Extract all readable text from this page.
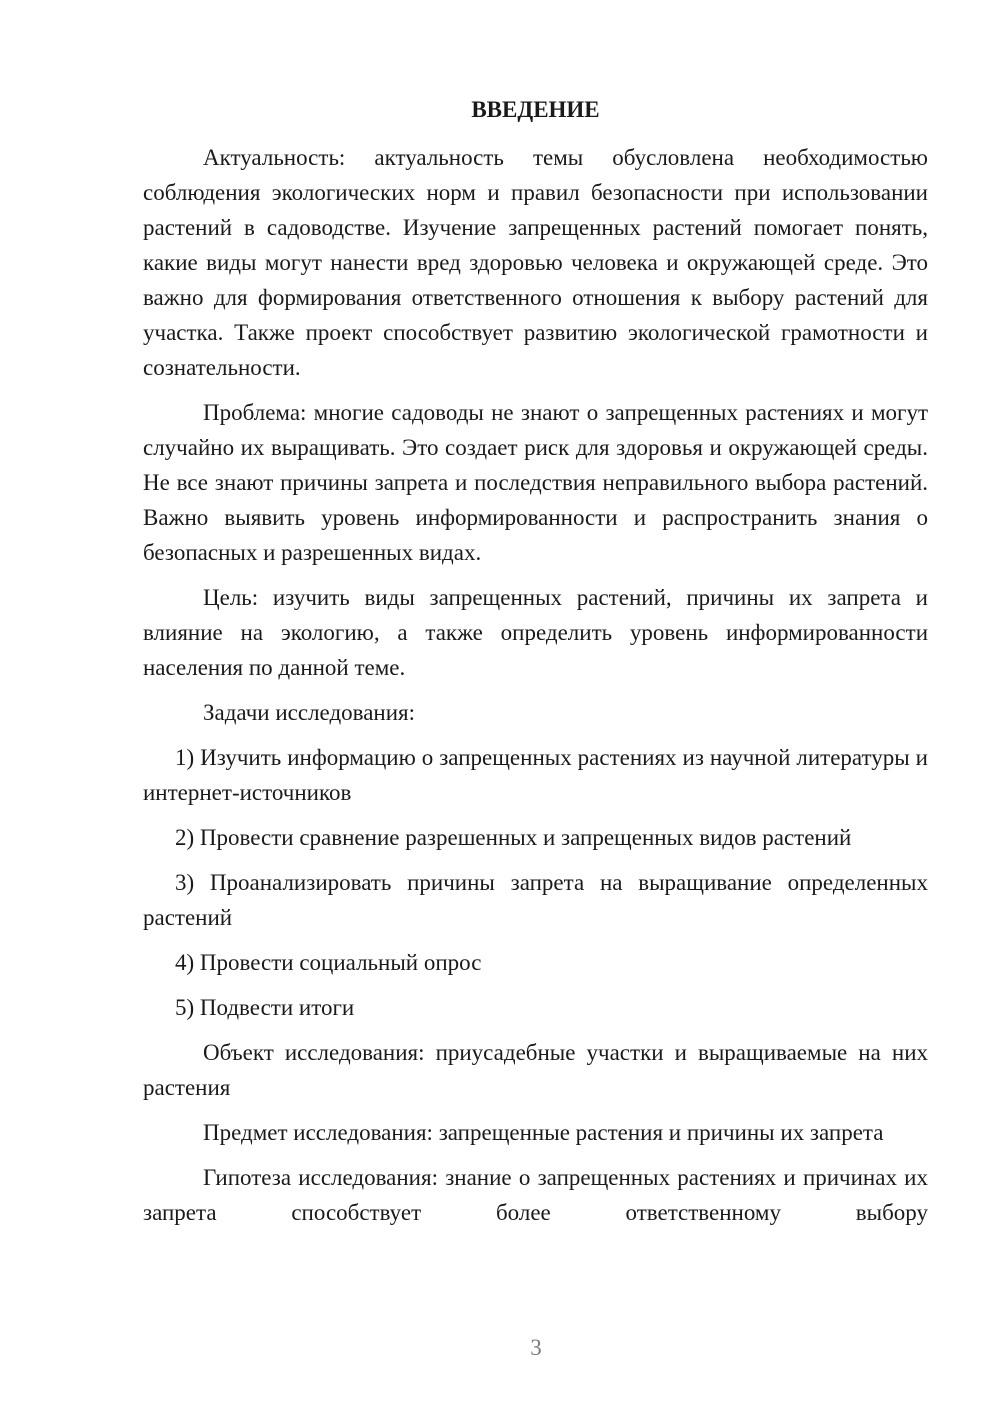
ВВЕДЕНИЕ

Актуальность: актуальность темы обусловлена необходимостью соблюдения экологических норм и правил безопасности при использовании растений в садоводстве. Изучение запрещенных растений помогает понять, какие виды могут нанести вред здоровью человека и окружающей среде. Это важно для формирования ответственного отношения к выбору растений для участка. Также проект способствует развитию экологической грамотности и сознательности.

Проблема: многие садоводы не знают о запрещенных растениях и могут случайно их выращивать. Это создает риск для здоровья и окружающей среды. Не все знают причины запрета и последствия неправильного выбора растений. Важно выявить уровень информированности и распространить знания о безопасных и разрешенных видах.

Цель: изучить виды запрещенных растений, причины их запрета и влияние на экологию, а также определить уровень информированности населения по данной теме.

Задачи исследования:

1) Изучить информацию о запрещенных растениях из научной литературы и интернет-источников

2) Провести сравнение разрешенных и запрещенных видов растений

3) Проанализировать причины запрета на выращивание определенных растений

4) Провести социальный опрос

5) Подвести итоги

Объект исследования: приусадебные участки и выращиваемые на них растения

Предмет исследования: запрещенные растения и причины их запрета

Гипотеза исследования: знание о запрещенных растениях и причинах их запрета способствует более ответственному выбору

3
